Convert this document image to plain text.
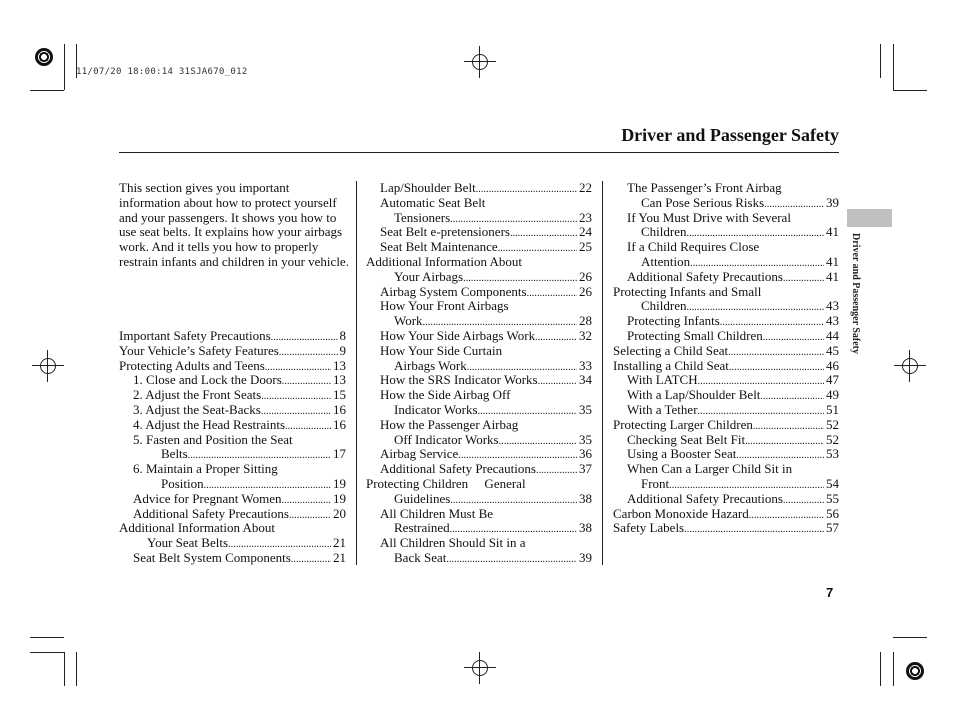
11/07/20 18:00:14 31SJA670_012
Driver and Passenger Safety
Driver and Passenger Safety
This section gives you important information about how to protect yourself and your passengers. It shows you how to use seat belts. It explains how your airbags work. And it tells you how to properly restrain infants and children in your vehicle.
Important Safety Precautions . . .	8
Your Vehicle’s Safety Features . . .	9
Protecting Adults and Teens . . .	13
1. Close and Lock the Doors . . .	13
2. Adjust the Front Seats . . .	15
3. Adjust the Seat-Backs . . .	16
4. Adjust the Head Restraints . . .	16
5. Fasten and Position the Seat
Belts . . .	17
6. Maintain a Proper Sitting
Position . . .	19
Advice for Pregnant Women . . .	19
Additional Safety Precautions . . .	20
Additional Information About
Your Seat Belts . . .	21
Seat Belt System Components . . .	21
Lap/Shoulder Belt . . .	22
Automatic Seat Belt
Tensioners . . .	23
Seat Belt e-pretensioners . . .	24
Seat Belt Maintenance . . .	25
Additional Information About
Your Airbags . . .	26
Airbag System Components . . .	26
How Your Front Airbags
Work . . .	28
How Your Side Airbags Work . . .	32
How Your Side Curtain
Airbags Work . . .	33
How the SRS Indicator Works . . .	34
How the Side Airbag Off
Indicator Works . . .	35
How the Passenger Airbag
Off Indicator Works . . .	35
Airbag Service . . .	36
Additional Safety Precautions . . .	37
Protecting Children  General
Guidelines . . .	38
All Children Must Be
Restrained . . .	38
All Children Should Sit in a
Back Seat . . .	39
The Passenger’s Front Airbag
Can Pose Serious Risks . . .	39
If You Must Drive with Several
Children . . .	41
If a Child Requires Close
Attention . . .	41
Additional Safety Precautions . . .	41
Protecting Infants and Small
Children . . .	43
Protecting Infants . . .	43
Protecting Small Children . . .	44
Selecting a Child Seat . . .	45
Installing a Child Seat . . .	46
With LATCH . . .	47
With a Lap/Shoulder Belt . . .	49
With a Tether . . .	51
Protecting Larger Children . . .	52
Checking Seat Belt Fit . . .	52
Using a Booster Seat . . .	53
When Can a Larger Child Sit in
Front . . .	54
Additional Safety Precautions . . .	55
Carbon Monoxide Hazard . . .	56
Safety Labels . . .	57
7
